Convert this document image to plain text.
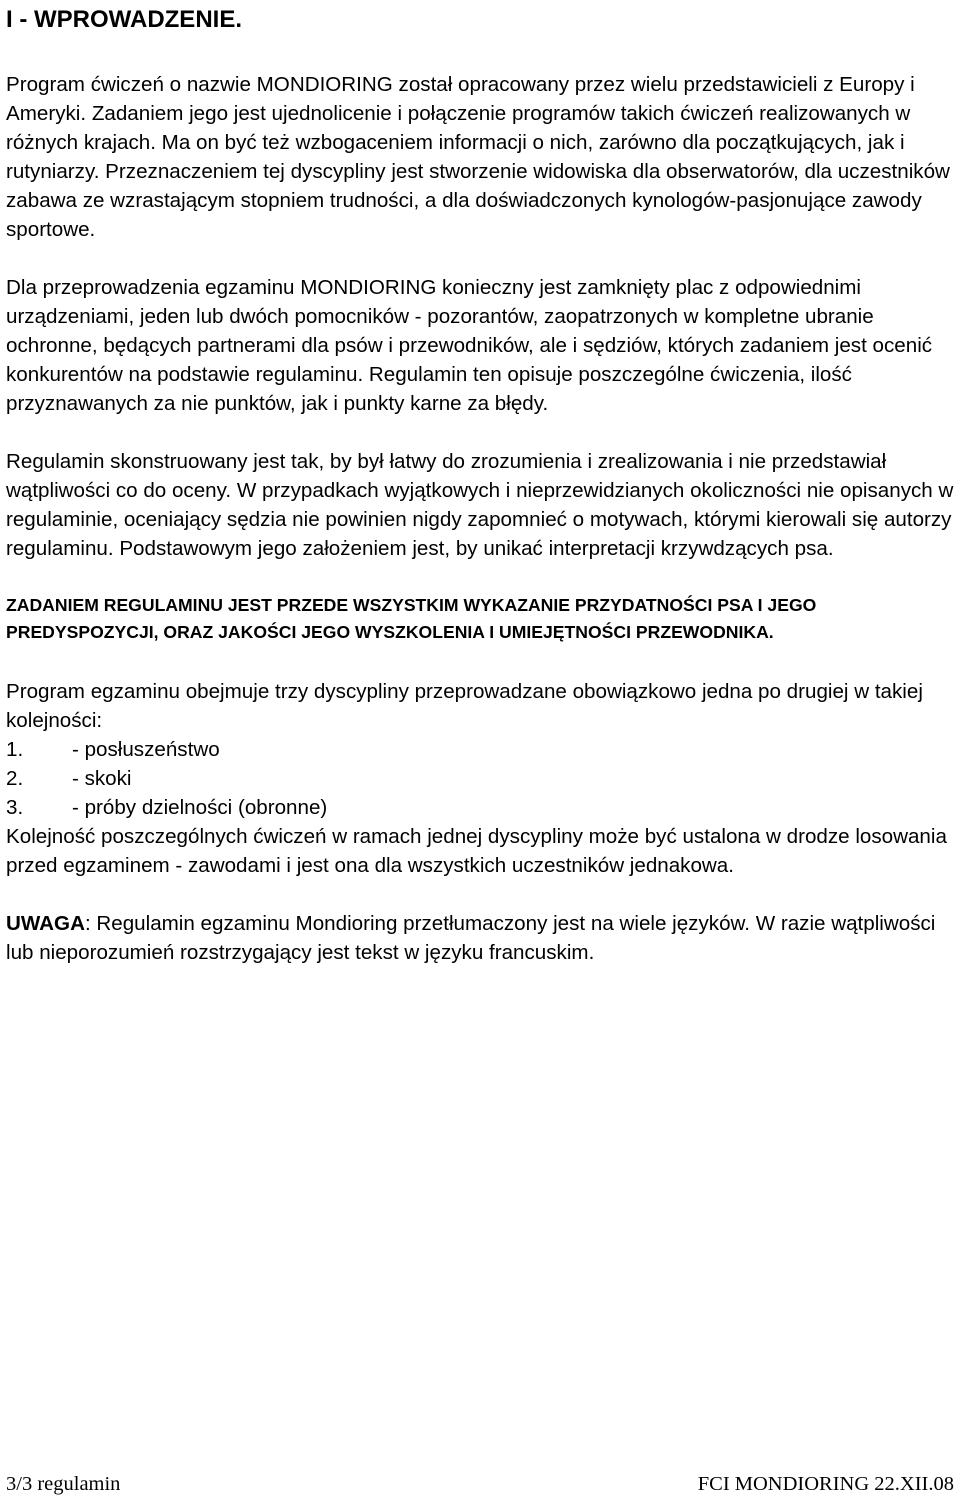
I - WPROWADZENIE.

Program ćwiczeń o nazwie MONDIORING został opracowany przez wielu przedstawicieli z Europy i Ameryki. Zadaniem jego jest ujednolicenie i połączenie programów takich ćwiczeń realizowanych w różnych krajach. Ma on być też wzbogaceniem informacji o nich, zarówno dla początkujących, jak i rutyniarzy. Przeznaczeniem tej dyscypliny jest stworzenie widowiska dla obserwatorów, dla uczestników zabawa ze wzrastającym stopniem trudności, a dla doświadczonych kynologów-pasjonujące zawody sportowe.

Dla przeprowadzenia egzaminu MONDIORING konieczny jest zamknięty plac z odpowiednimi urządzeniami, jeden lub dwóch pomocników - pozorantów, zaopatrzonych w kompletne ubranie ochronne, będących partnerami dla psów i przewodników, ale i sędziów, których zadaniem jest ocenić konkurentów na podstawie regulaminu. Regulamin ten opisuje poszczególne ćwiczenia, ilość przyznawanych za nie punktów, jak i punkty karne za błędy.

Regulamin skonstruowany jest tak, by był łatwy do zrozumienia i zrealizowania i nie przedstawiał wątpliwości co do oceny. W przypadkach wyjątkowych i nieprzewidzianych okoliczności nie opisanych w regulaminie, oceniający sędzia nie powinien nigdy zapomnieć o motywach, którymi kierowali się autorzy regulaminu. Podstawowym jego założeniem jest, by unikać interpretacji krzywdzących psa.

ZADANIEM REGULAMINU JEST PRZEDE WSZYSTKIM WYKAZANIE PRZYDATNOŚCI PSA I JEGO PREDYSPOZYCJI, ORAZ JAKOŚCI JEGO WYSZKOLENIA I UMIEJĘTNOŚCI PRZEWODNIKA.

Program egzaminu obejmuje trzy dyscypliny przeprowadzane obowiązkowo jedna po drugiej w takiej kolejności:

1.	- posłuszeństwo
2.	- skoki
3.	- próby dzielności (obronne)

Kolejność poszczególnych ćwiczeń w ramach jednej dyscypliny może być ustalona w drodze losowania przed egzaminem - zawodami i jest ona dla wszystkich uczestników jednakowa.

UWAGA: Regulamin egzaminu Mondioring przetłumaczony jest na wiele języków. W razie wątpliwości lub nieporozumień rozstrzygający jest tekst w języku francuskim.

3/3 regulamin	FCI MONDIORING 22.XII.08
